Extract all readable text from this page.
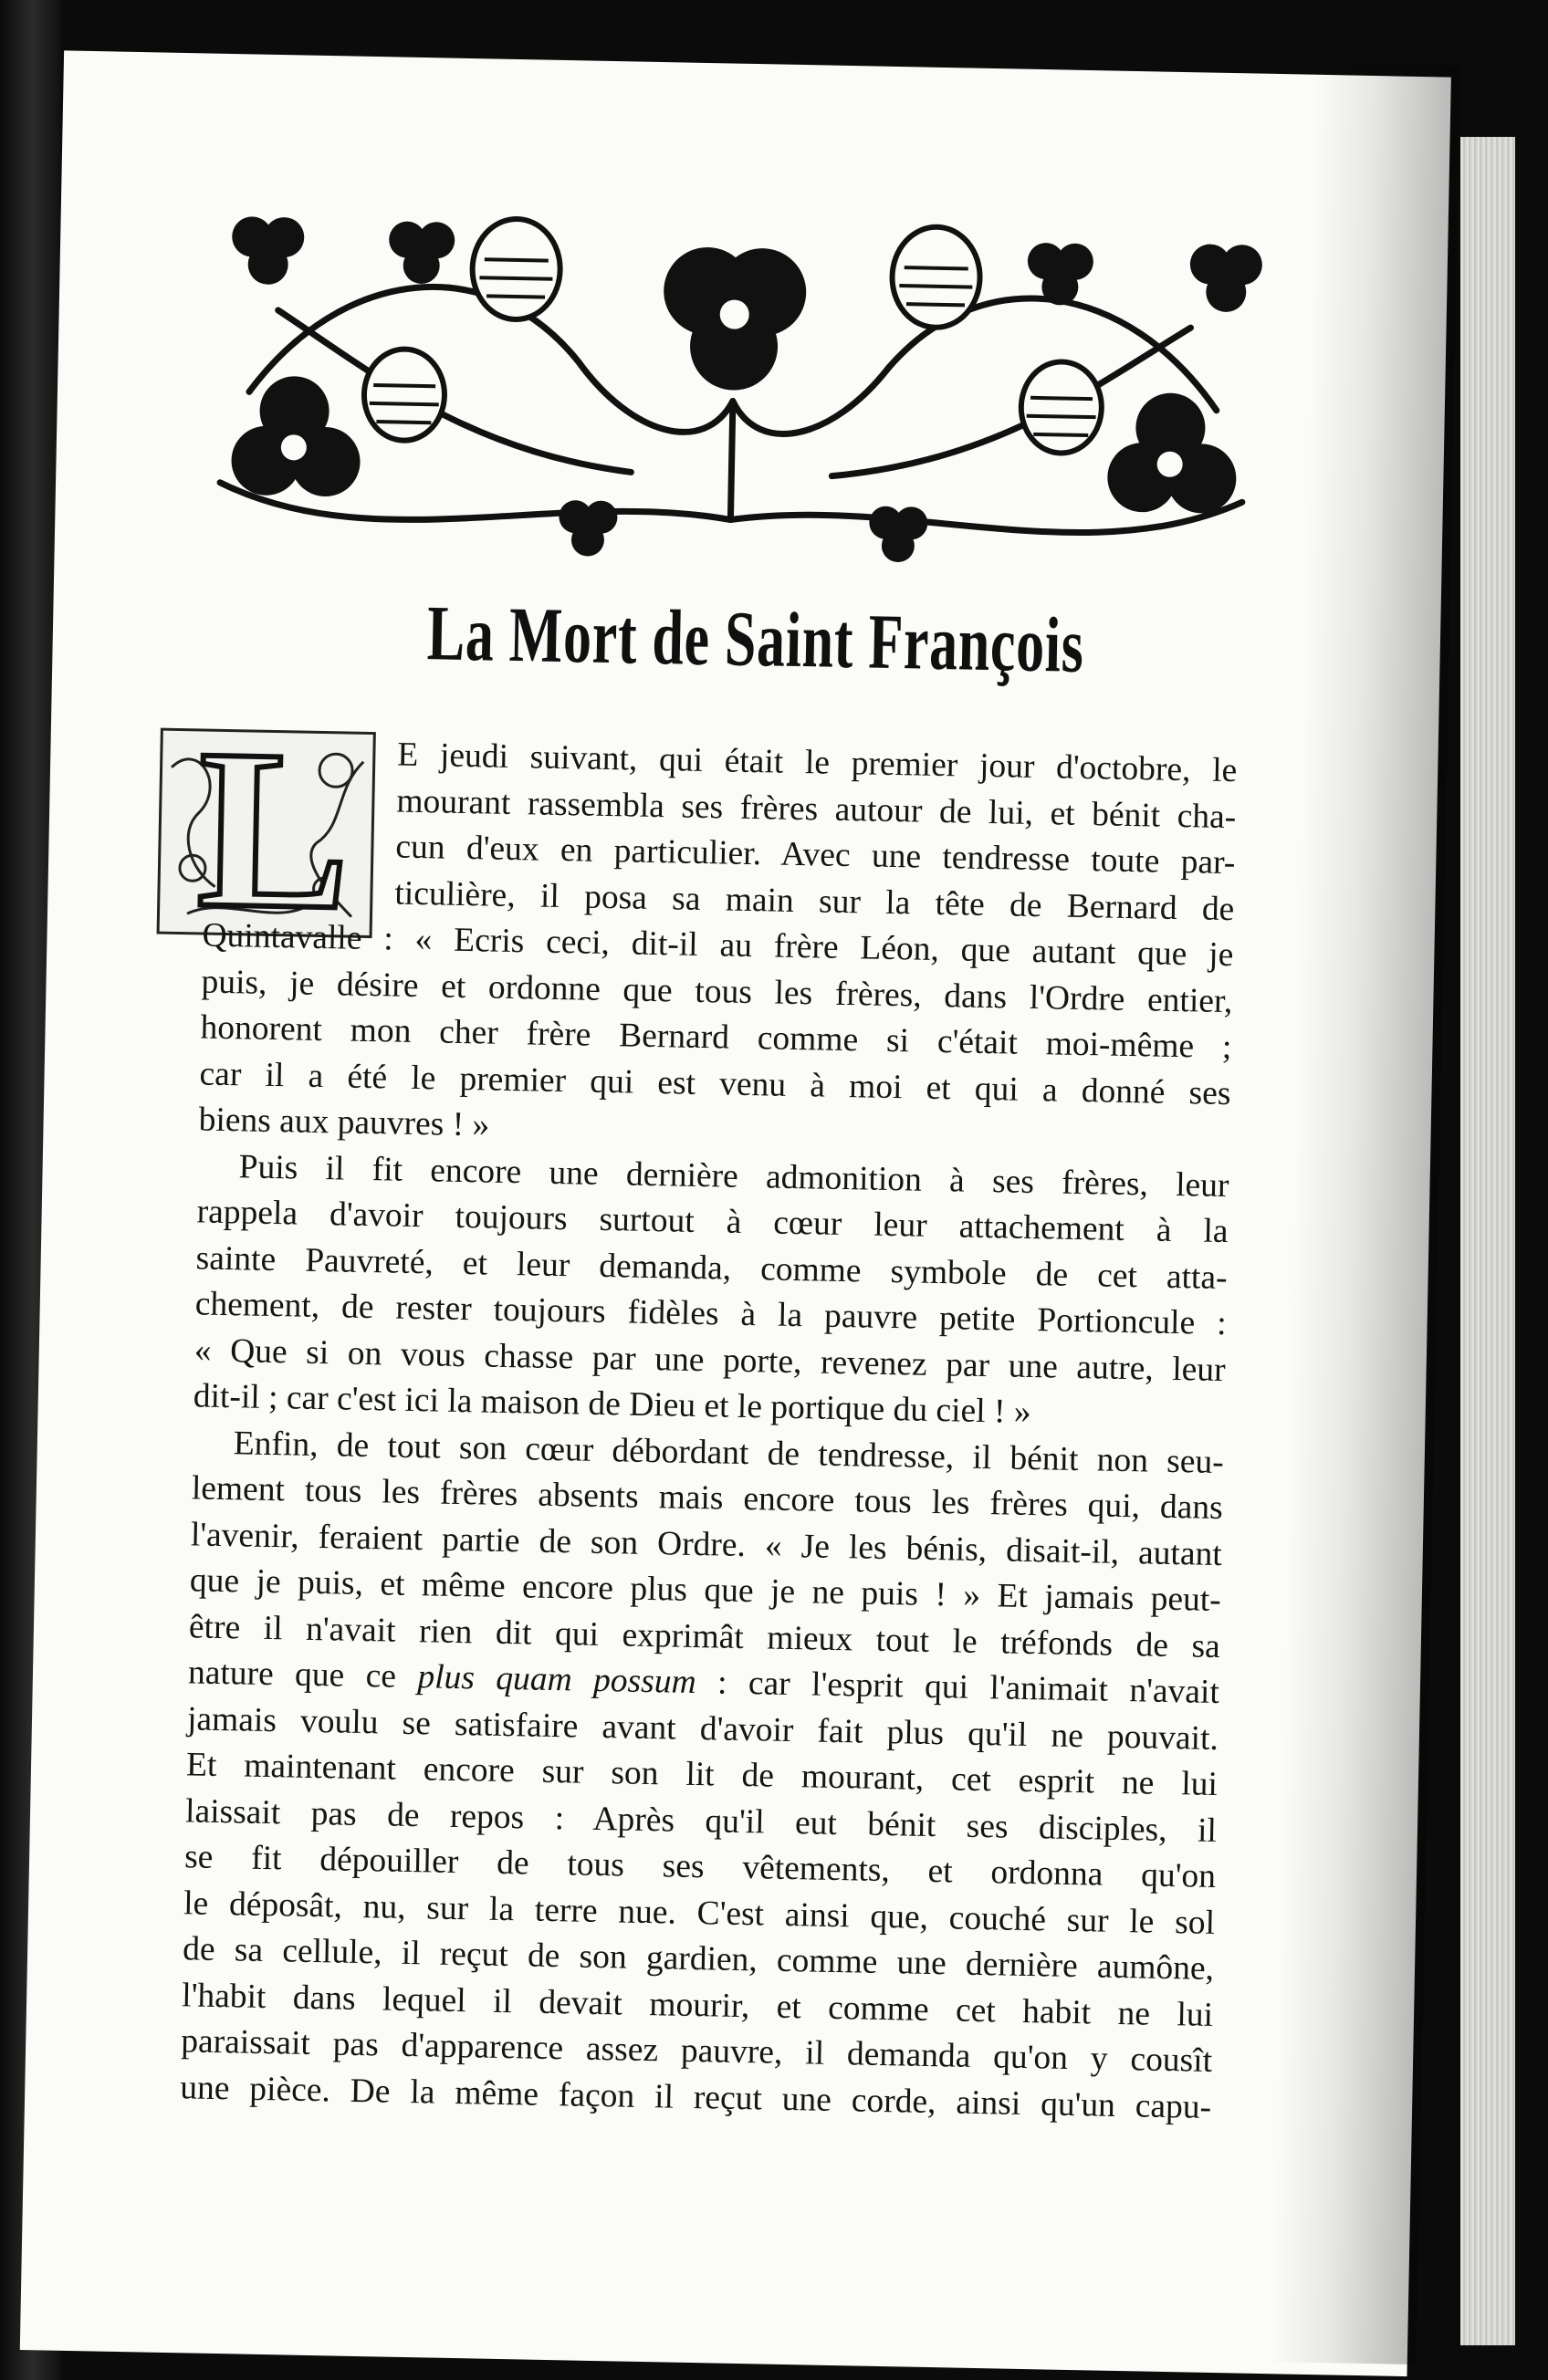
La Mort de Saint François
L	E jeudi suivant, qui était le premier jour d'octobre, le
mourant rassembla ses frères autour de lui, et bénit cha-
cun d'eux en particulier. Avec une tendresse toute par-
ticulière, il posa sa main sur la tête de Bernard de
Quintavalle : « Ecris ceci, dit-il au frère Léon, que autant que je
puis, je désire et ordonne que tous les frères, dans l'Ordre entier,
honorent mon cher frère Bernard comme si c'était moi-même ;
car il a été le premier qui est venu à moi et qui a donné ses
biens aux pauvres ! »
Puis il fit encore une dernière admonition à ses frères, leur
rappela d'avoir toujours surtout à cœur leur attachement à la
sainte Pauvreté, et leur demanda, comme symbole de cet atta-
chement, de rester toujours fidèles à la pauvre petite Portioncule :
« Que si on vous chasse par une porte, revenez par une autre, leur
dit-il ; car c'est ici la maison de Dieu et le portique du ciel ! »
Enfin, de tout son cœur débordant de tendresse, il bénit non seu-
lement tous les frères absents mais encore tous les frères qui, dans
l'avenir, feraient partie de son Ordre. « Je les bénis, disait-il, autant
que je puis, et même encore plus que je ne puis ! » Et jamais peut-
être il n'avait rien dit qui exprimât mieux tout le tréfonds de sa
nature que ce plus quam possum : car l'esprit qui l'animait n'avait
jamais voulu se satisfaire avant d'avoir fait plus qu'il ne pouvait.
Et maintenant encore sur son lit de mourant, cet esprit ne lui
laissait pas de repos : Après qu'il eut bénit ses disciples, il
se fit dépouiller de tous ses vêtements, et ordonna qu'on
le déposât, nu, sur la terre nue. C'est ainsi que, couché sur le sol
de sa cellule, il reçut de son gardien, comme une dernière aumône,
l'habit dans lequel il devait mourir, et comme cet habit ne lui
paraissait pas d'apparence assez pauvre, il demanda qu'on y cousît
une pièce. De la même façon il reçut une corde, ainsi qu'un capu-
